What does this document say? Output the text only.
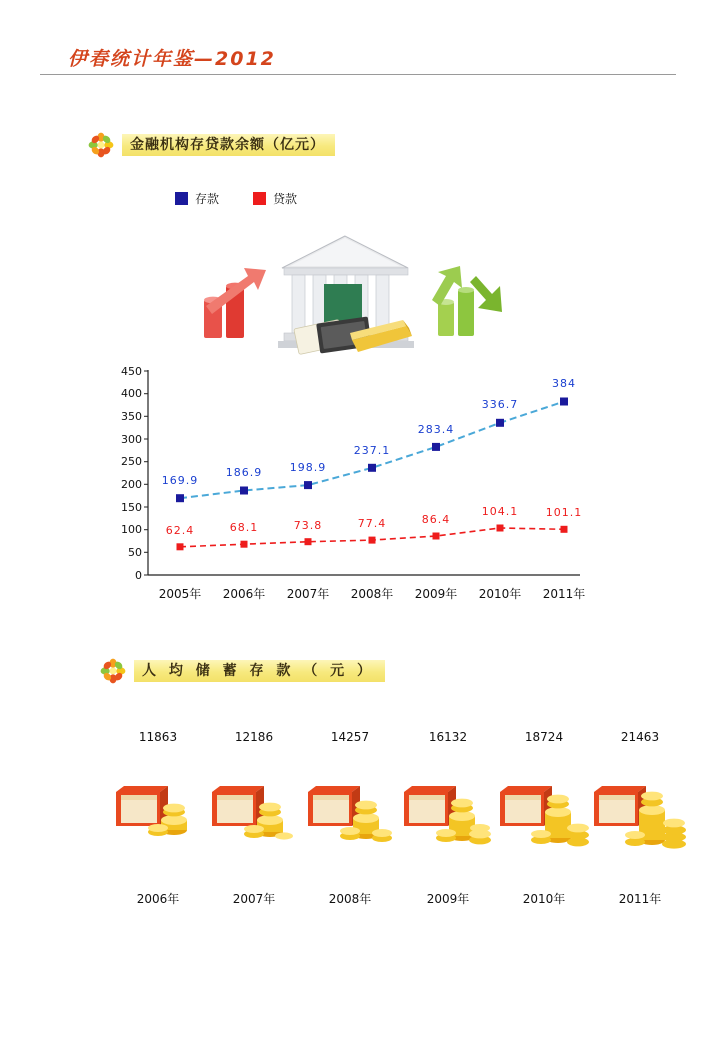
伊春统计年鉴—2012
金融机构存贷款余额（亿元）
存款	贷款
0
50
100
150
200
250
300
350
400
450
169.9
186.9	198.9
237.1
283.4
336.7
384
62.4	68.1	73.8	77.4	86.4
104.1	101.1
2005年 2006年 2007年 2008年 2009年 2010年 2011年
人 均 储 蓄 存 款 （ 元 ）
11863
2006年
12186
2007年
14257
2008年
16132
2009年
18724
2010年
21463
2011年
